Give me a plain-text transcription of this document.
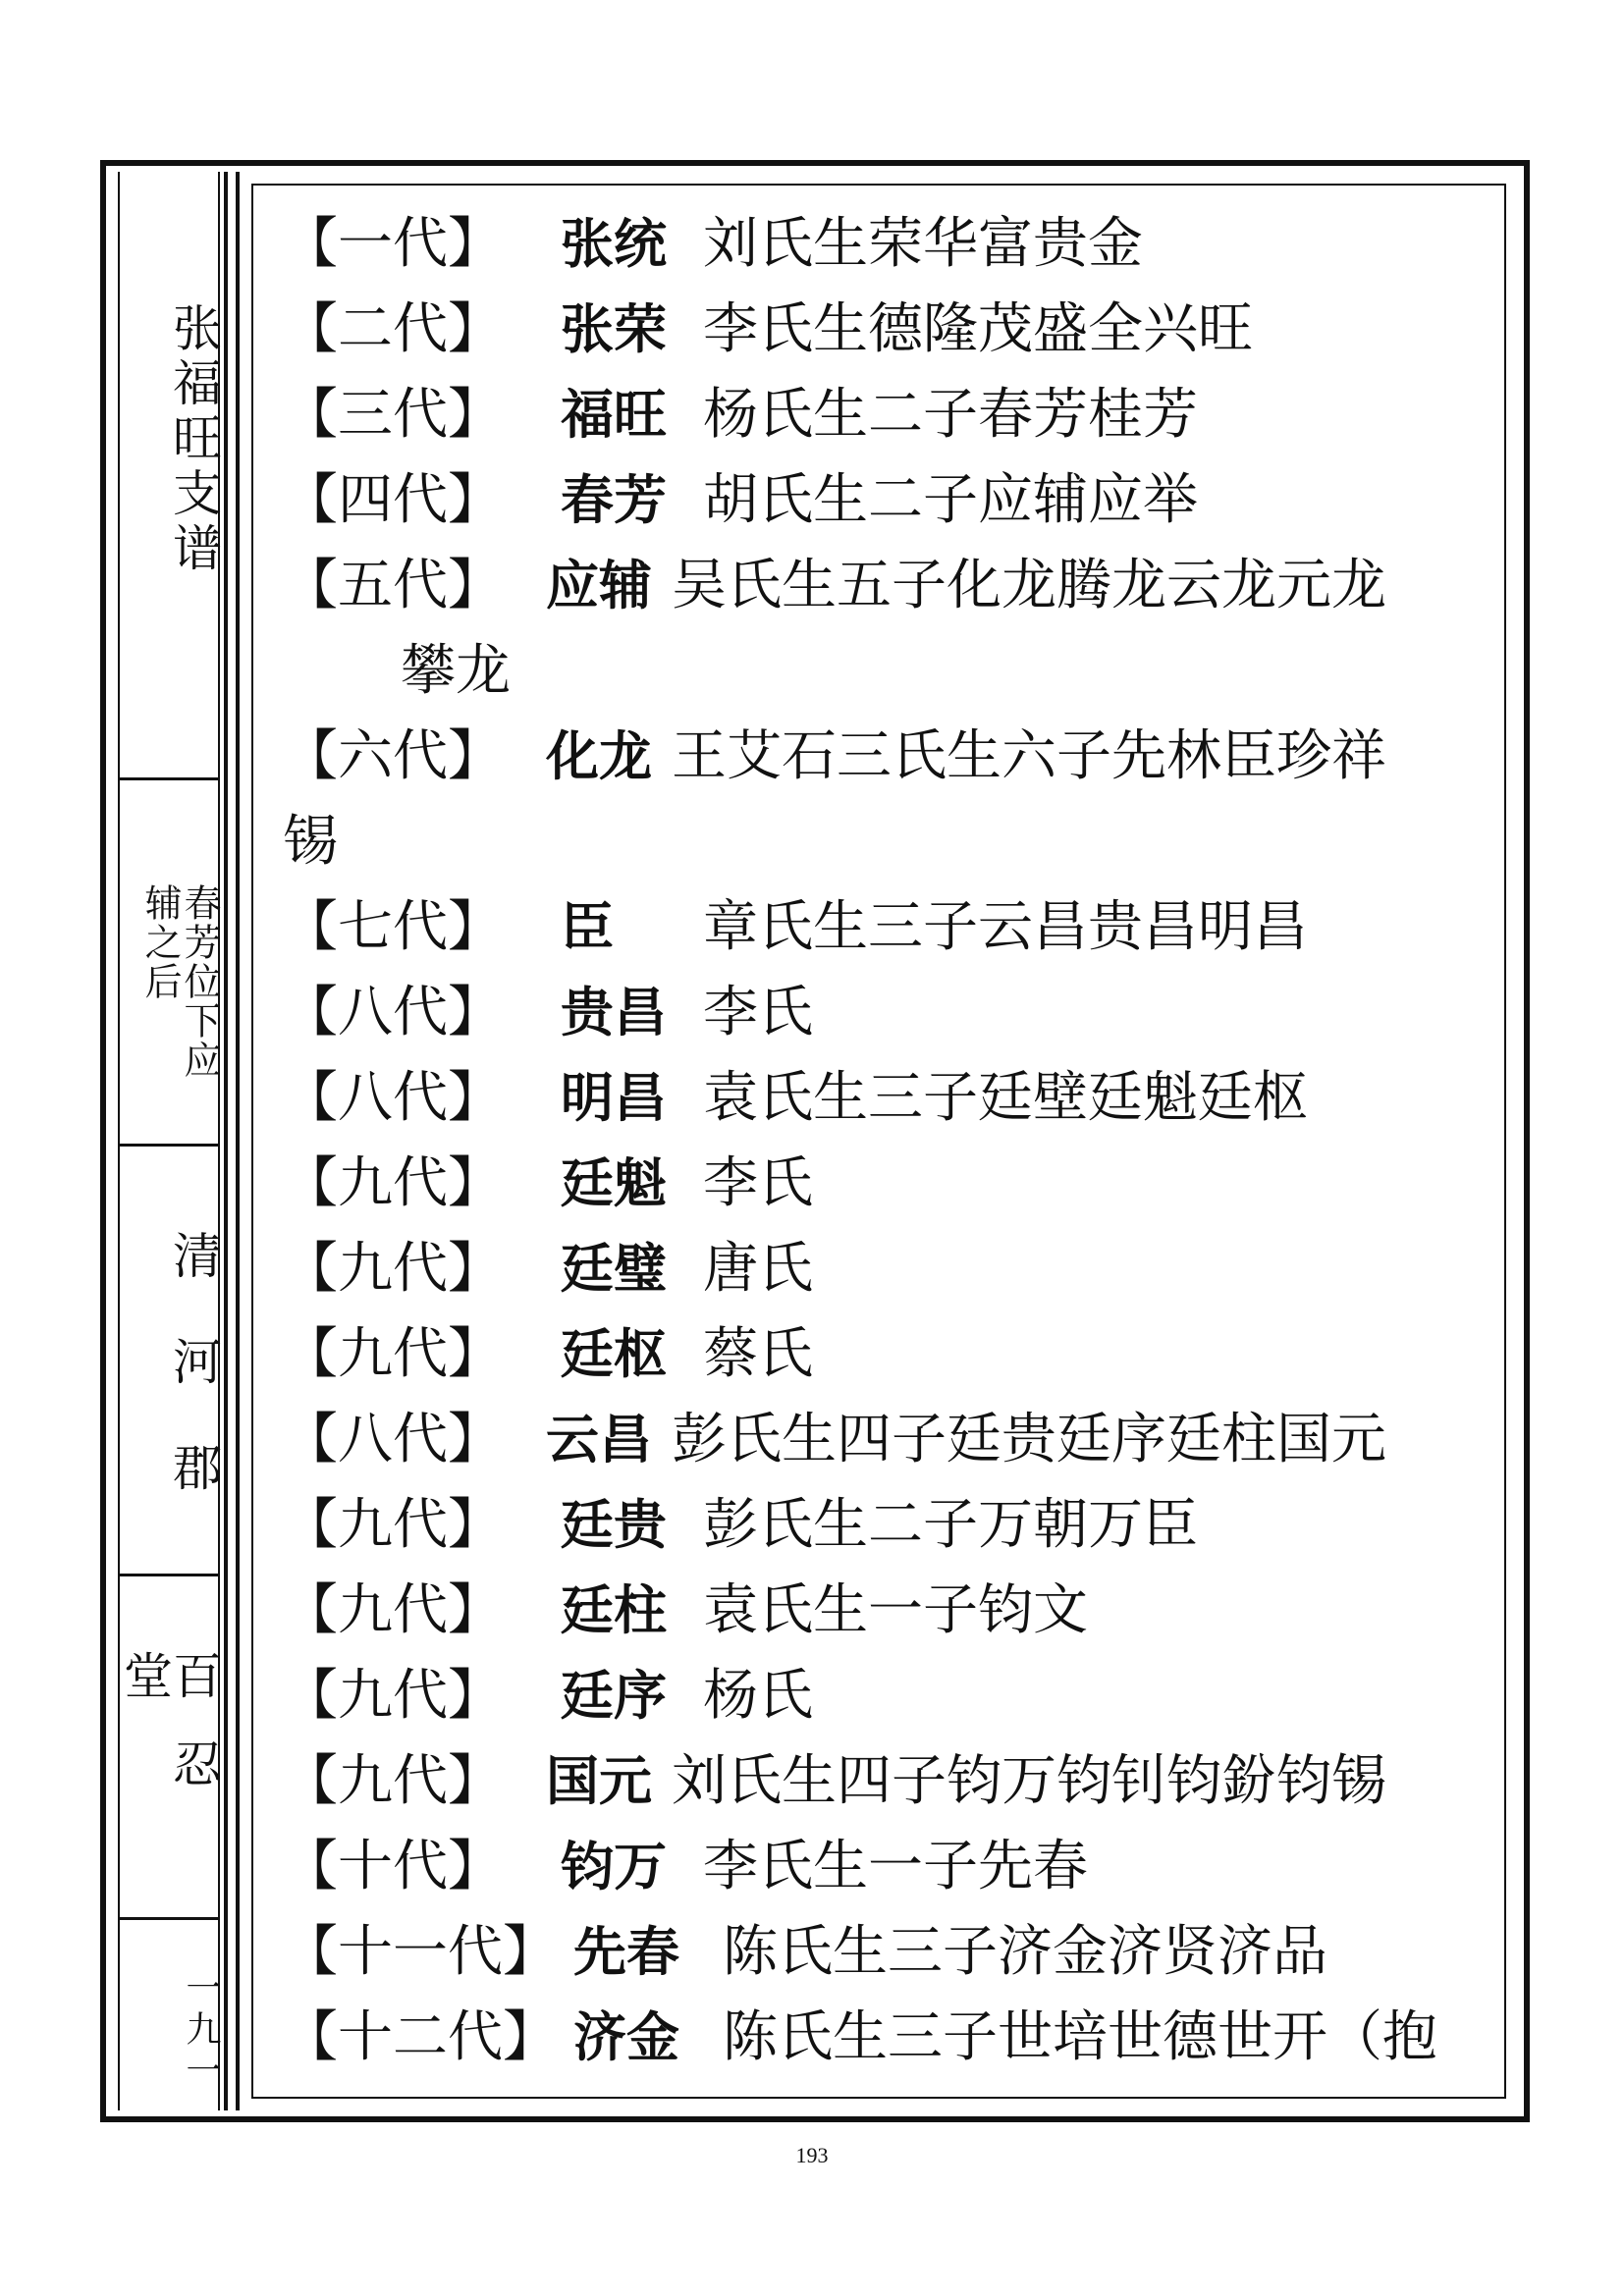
张福旺支谱
春芳位下应辅之后
清河郡
百忍堂
一九一
【一代】 张统 刘氏生荣华富贵金
【二代】 张荣 李氏生德隆茂盛全兴旺
【三代】 福旺 杨氏生二子春芳桂芳
【四代】 春芳 胡氏生二子应辅应举
【五代】 应辅 吴氏生五子化龙腾龙云龙元龙
攀龙
【六代】 化龙 王艾石三氏生六子先林臣珍祥
锡
【七代】 臣 章氏生三子云昌贵昌明昌
【八代】 贵昌 李氏
【八代】 明昌 袁氏生三子廷壁廷魁廷枢
【九代】 廷魁 李氏
【九代】 廷璧 唐氏
【九代】 廷枢 蔡氏
【八代】 云昌 彭氏生四子廷贵廷序廷柱国元
【九代】 廷贵 彭氏生二子万朝万臣
【九代】 廷柱 袁氏生一子钧文
【九代】 廷序 杨氏
【九代】 国元 刘氏生四子钧万钧钊钧鈖钧锡
【十代】 钧万 李氏生一子先春
【十一代】 先春 陈氏生三子济金济贤济品
【十二代】 济金 陈氏生三子世培世德世开（抱
193
